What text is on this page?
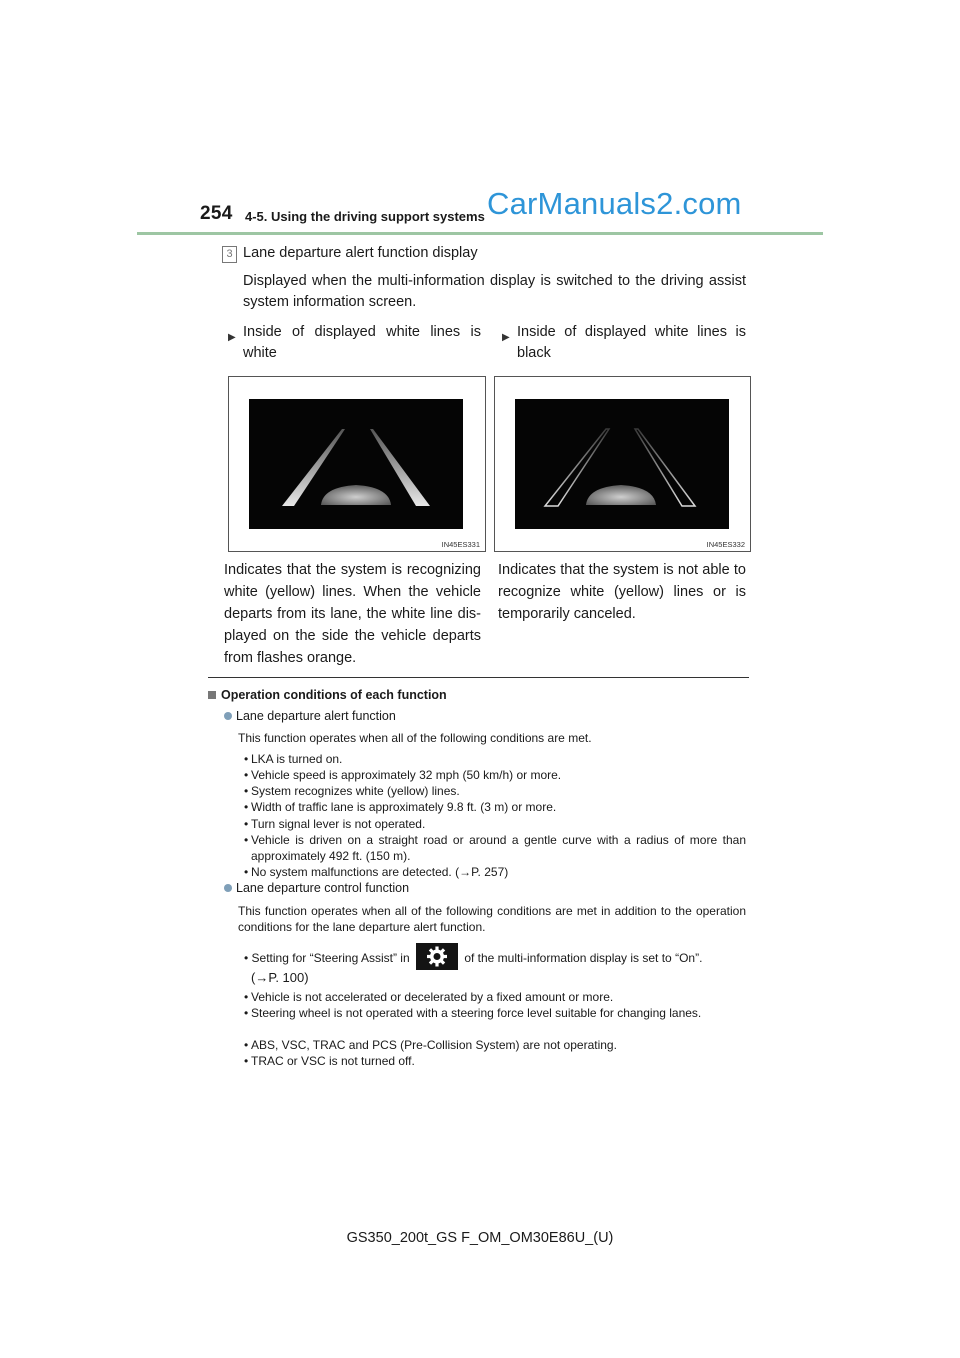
254 4-5. Using the driving support systems CarManuals2.com
3 Lane departure alert function display
Displayed when the multi-information display is switched to the driving assist system information screen.
▶ Inside of displayed white lines is white
▶ Inside of displayed white lines is black
IN45ES331	IN45ES332
Indicates that the system is recognizing white (yellow) lines. When the vehicle departs from its lane, the white line dis-played on the side the vehicle departs from flashes orange.
Indicates that the system is not able to recognize white (yellow) lines or is temporarily canceled.
Operation conditions of each function
Lane departure alert function
This function operates when all of the following conditions are met.
• LKA is turned on.
• Vehicle speed is approximately 32 mph (50 km/h) or more.
• System recognizes white (yellow) lines.
• Width of traffic lane is approximately 9.8 ft. (3 m) or more.
• Turn signal lever is not operated.
• Vehicle is driven on a straight road or around a gentle curve with a radius of more than approximately 492 ft. (150 m).
• No system malfunctions are detected. (→P. 257)
Lane departure control function
This function operates when all of the following conditions are met in addition to the operation conditions for the lane departure alert function.
• Setting for “Steering Assist” in	of the multi-information display is set to “On”.
(→P. 100)
• Vehicle is not accelerated or decelerated by a fixed amount or more.
• Steering wheel is not operated with a steering force level suitable for changing lanes.
• ABS, VSC, TRAC and PCS (Pre-Collision System) are not operating.
• TRAC or VSC is not turned off.
GS350_200t_GS F_OM_OM30E86U_(U)
